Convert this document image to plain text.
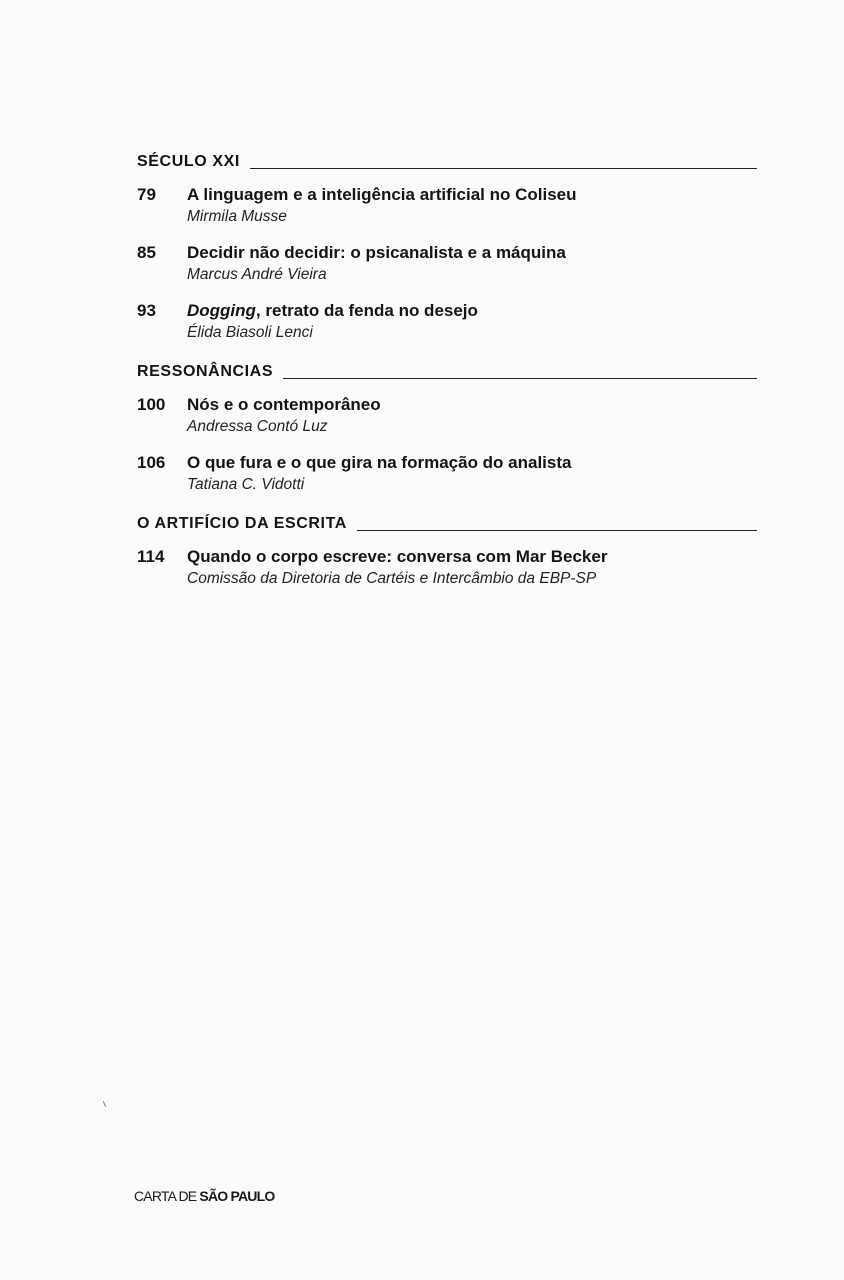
SÉCULO XXI
79	A linguagem e a inteligência artificial no Coliseu
Mirmila Musse
85	Decidir não decidir: o psicanalista e a máquina
Marcus André Vieira
93	Dogging, retrato da fenda no desejo
Élida Biasoli Lenci
RESSONÂNCIAS
100	Nós e o contemporâneo
Andressa Contó Luz
106	O que fura e o que gira na formação do analista
Tatiana C. Vidotti
O ARTIFÍCIO DA ESCRITA
114	Quando o corpo escreve: conversa com Mar Becker
Comissão da Diretoria de Cartéis e Intercâmbio da EBP-SP
CARTA DE SÃO PAULO
